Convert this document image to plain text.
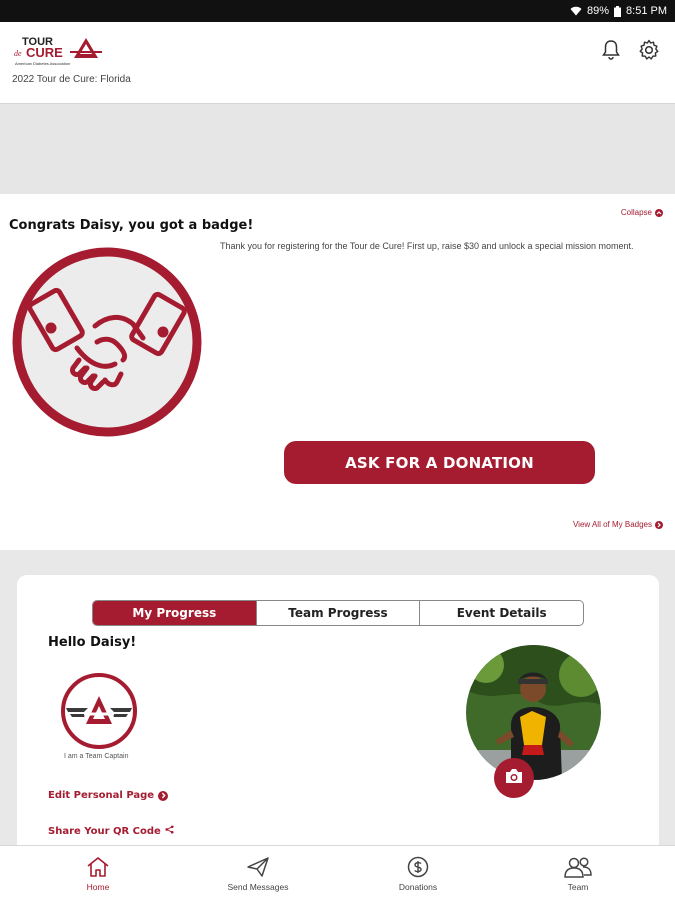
89% 8:51 PM
TOUR
de CURE
American Diabetes Association
2022 Tour de Cure: Florida
Collapse
Congrats Daisy, you got a badge!
Thank you for registering for the Tour de Cure! First up, raise $30 and unlock a special mission moment.
ASK FOR A DONATION
View All of My Badges
My Progress	Team Progress	Event Details
Hello Daisy!
I am a Team Captain
Edit Personal Page
Share Your QR Code
Home	Send Messages	Donations	Team
